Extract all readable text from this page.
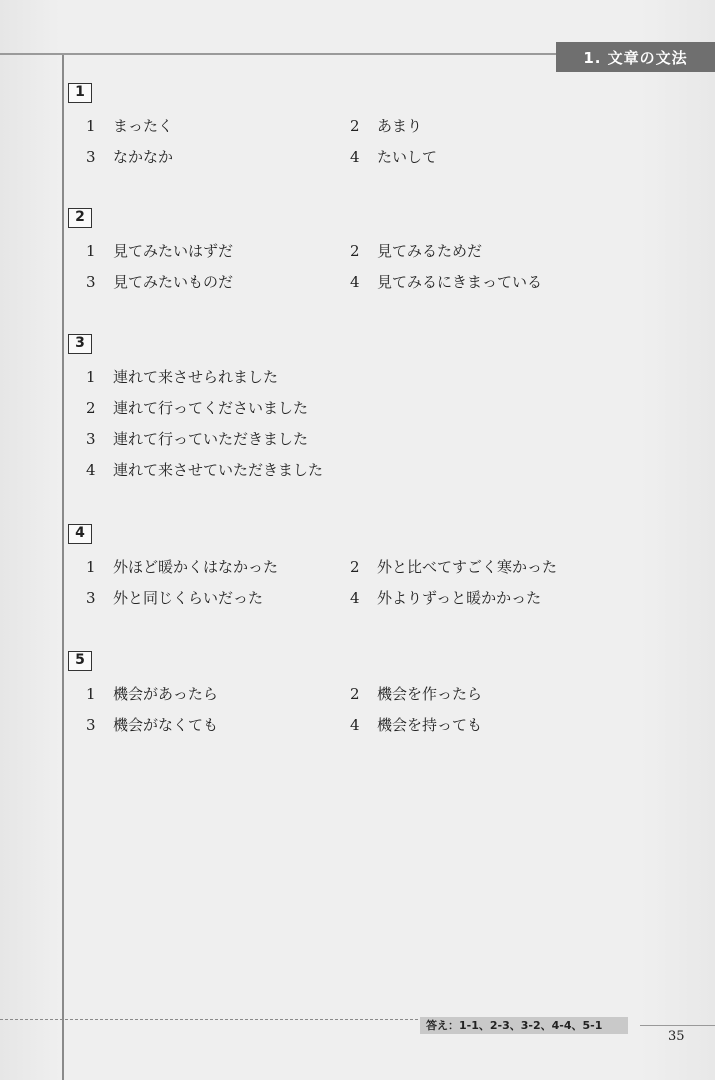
1. 文章の文法
1
1 まったく	2 あまり
3 なかなか	4 たいして
2
1 見てみたいはずだ	2 見てみるためだ
3 見てみたいものだ	4 見てみるにきまっている
3
1 連れて来させられました
2 連れて行ってくださいました
3 連れて行っていただきました
4 連れて来させていただきました
4
1 外ほど暖かくはなかった	2 外と比べてすごく寒かった
3 外と同じくらいだった	4 外よりずっと暖かかった
5
1 機会があったら	2 機会を作ったら
3 機会がなくても	4 機会を持っても
答え：1-1、2-3、3-2、4-4、5-1
35
